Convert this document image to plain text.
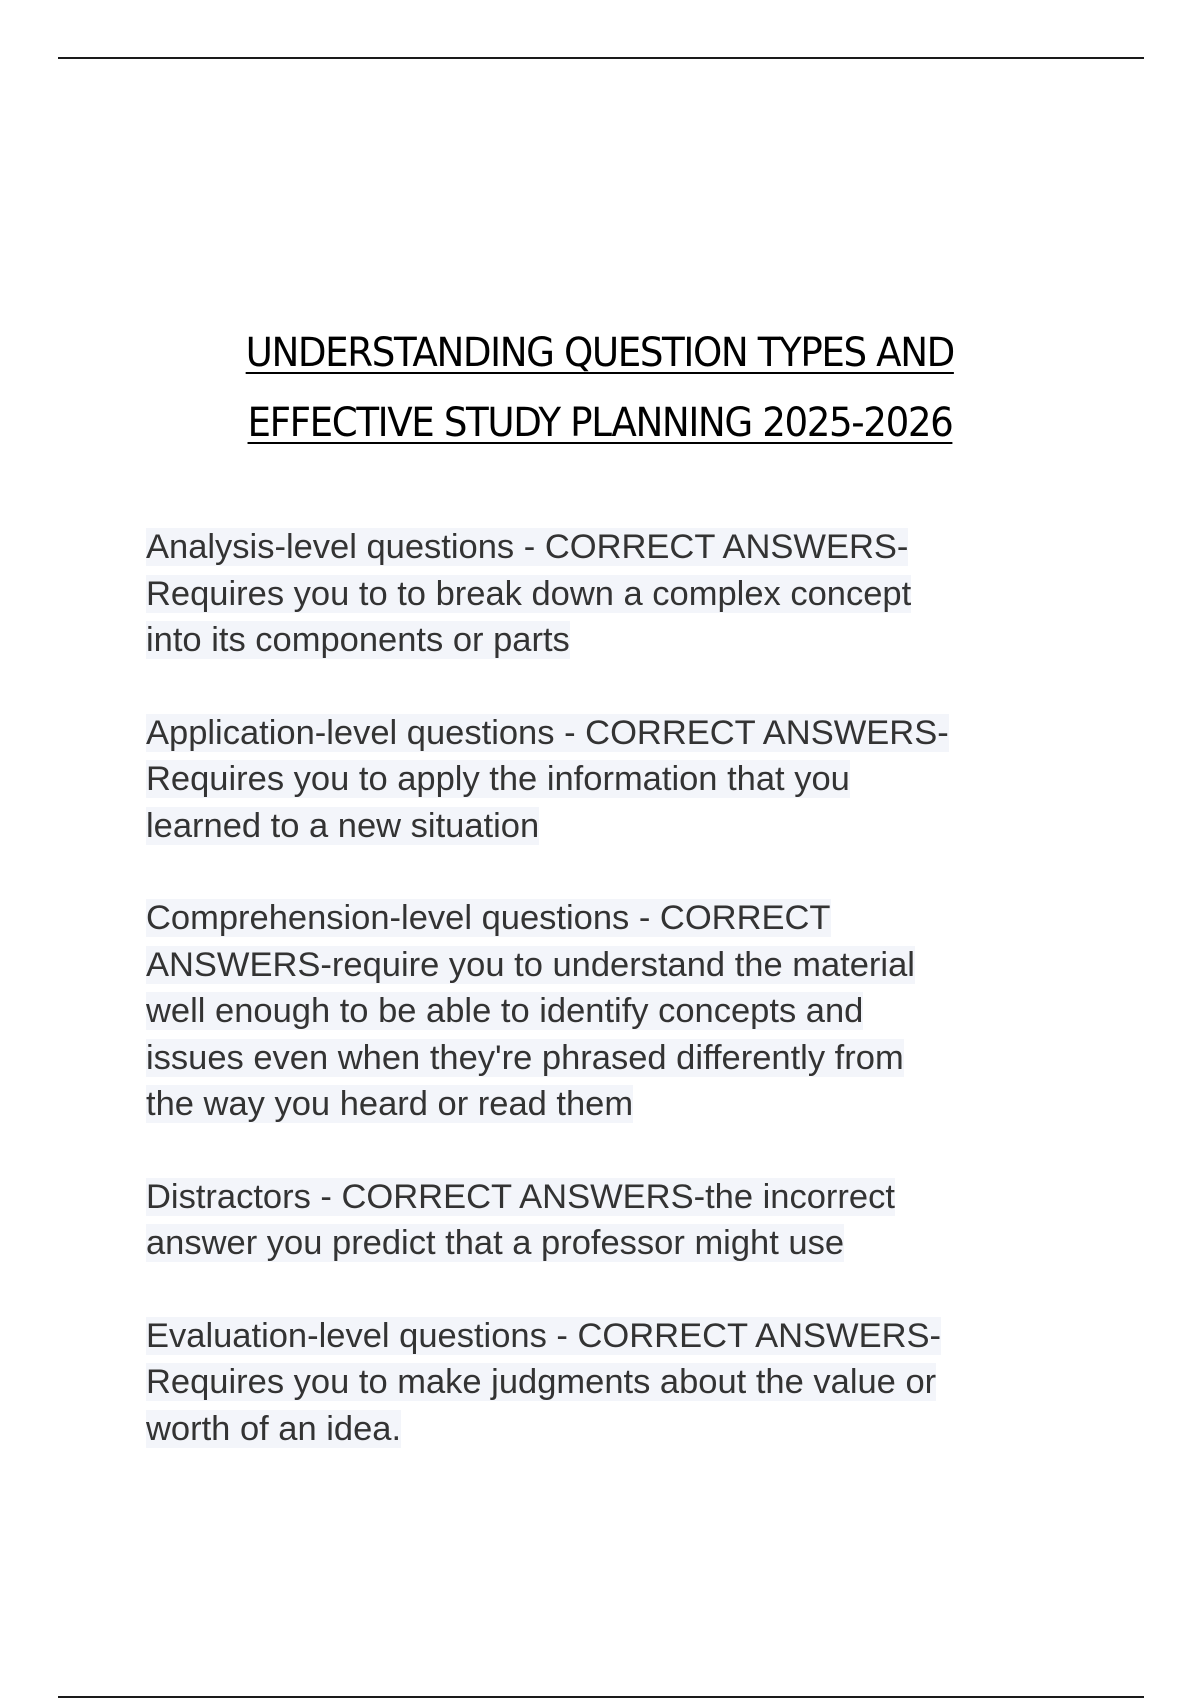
UNDERSTANDING QUESTION TYPES AND
EFFECTIVE STUDY PLANNING 2025-2026
Analysis-level questions - CORRECT ANSWERS-
Requires you to to break down a complex concept
into its components or parts
Application-level questions - CORRECT ANSWERS-
Requires you to apply the information that you
learned to a new situation
Comprehension-level questions - CORRECT
ANSWERS-require you to understand the material
well enough to be able to identify concepts and
issues even when they're phrased differently from
the way you heard or read them
Distractors - CORRECT ANSWERS-the incorrect
answer you predict that a professor might use
Evaluation-level questions - CORRECT ANSWERS-
Requires you to make judgments about the value or
worth of an idea.
